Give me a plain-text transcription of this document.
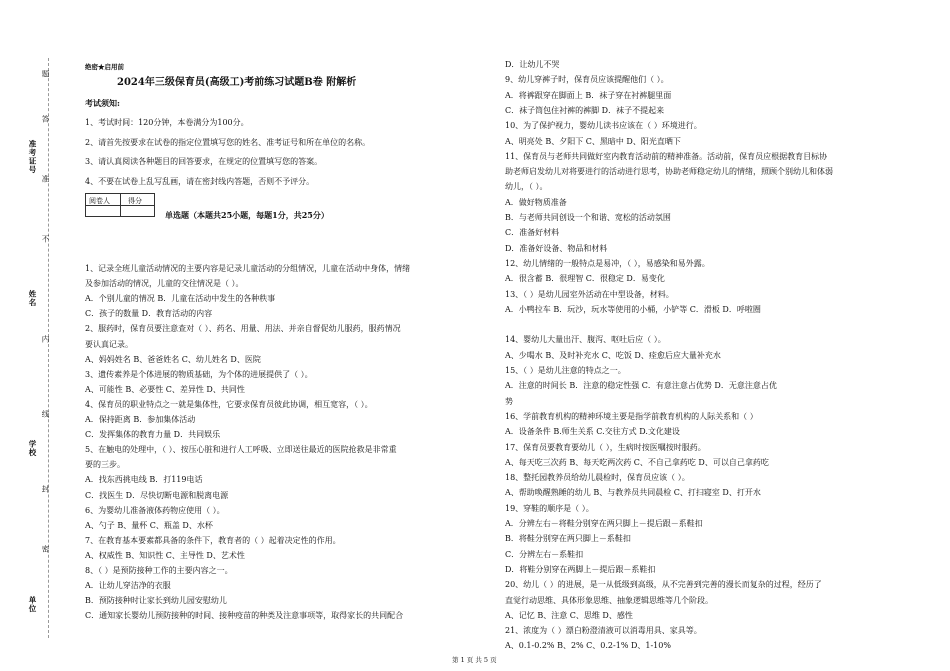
准考证号
姓名
学校
单位
题
答
准
不
内
线
封
密
绝密★启用前
2024年三级保育员(高级工)考前练习试题B卷 附解析
考试须知:
1、考试时间：120分钟，本卷满分为100分。
2、请首先按要求在试卷的指定位置填写您的姓名、准考证号和所在单位的名称。
3、请认真阅读各种题目的回答要求，在规定的位置填写您的答案。
4、不要在试卷上乱写乱画，请在密封线内答题，否则不予评分。
阅卷人	得分
单选题（本题共25小题，每题1分，共25分）
1、记录全班儿童活动情况的主要内容是记录儿童活动的分组情况，儿童在活动中身体，情绪
及参加活动的情况，儿童的交往情况是（ ）。
A．个别儿童的情况 B．儿童在活动中发生的各种秩事
C．孩子的数量 D．教育活动的内容
2、服药时，保育员要注意查对（ ）、药名、用量、用法、并亲自督促幼儿服药，服药情况
要认真记录。
A、妈妈姓名 B、爸爸姓名 C、幼儿姓名 D、医院
3、遗传素养是个体进展的物质基础，为个体的进展提供了（ ）。
A、可能性 B、必要性 C、差异性 D、共同性
4、保育员的职业特点之一就是集体性，它要求保育员彼此协调，相互宽容，（ ）。
A．保持距离 B．参加集体活动
C．发挥集体的教育力量 D．共同娱乐
5、在触电的处理中，（ ）、按压心脏和进行人工呼吸、立即送往最近的医院抢救是非常重
要的三步。
A．找东西挑电线 B．打119电话
C．找医生 D．尽快切断电源和脱离电源
6、为婴幼儿准备液体药物应使用（ ）。
A、勺子 B、量杯 C、瓶盖 D、水杯
7、在教育基本要素都具备的条件下，教育者的（ ）起着决定性的作用。
A、权威性 B、知识性 C、主导性 D、艺术性
8、（ ）是预防接种工作的主要内容之一。
A．让幼儿穿洁净的衣服
B．预防接种时让家长到幼儿园安慰幼儿
C．通知家长婴幼儿预防接种的时间、接种疫苗的种类及注意事项等，取得家长的共同配合
D．让幼儿不哭
9、幼儿穿裤子时，保育员应该提醒他们（ ）。
A．将裤跟穿在脚面上 B．袜子穿在衬裤腿里面
C．袜子筒包住衬裤的裤脚 D．袜子不提起来
10、为了保护视力，婴幼儿读书应该在（ ）环境进行。
A、明亮处 B、夕阳下 C、黑暗中 D、阳光直晒下
11、保育员与老师共同做好室内教育活动前的精神准备。活动前，保育员应根据教育目标协
助老师启发幼儿对将要进行的活动进行思考，协助老师稳定幼儿的情绪，照顾个别幼儿和体弱
幼儿，（ ）。
A．做好物质准备
B．与老师共同创设一个和谐、宽松的活动氛围
C．准备好材料
D．准备好设备、物品和材料
12、幼儿情绪的一般特点是易冲，（ ），易感染和易外露。
A．很含蓄 B．很理智 C．很稳定 D．易变化
13、（ ）是幼儿园室外活动在中型设备，材料。
A．小鸭拉车 B．玩沙，玩水等使用的小桶，小铲等 C．滑板 D．呼啦圈
14、婴幼儿大量出汗、腹泻、呕吐后应（ ）。
A、少喝水 B、及时补充水 C、吃饭 D、痊愈后应大量补充水
15、（ ）是幼儿注意的特点之一。
A．注意的时间长 B．注意的稳定性强 C．有意注意占优势 D．无意注意占优
势
16、学前教育机构的精神环境主要是指学前教育机构的人际关系和（ ）
A．设备条件 B.师生关系 C.交往方式 D.文化建设
17、保育员要教育要幼儿（ ），生病时按医嘱按时服药。
A、每天吃三次药 B、每天吃两次药 C、不自己拿药吃 D、可以自己拿药吃
18、整托园教养员给幼儿晨检时，保育员应该（ ）。
A、帮助唤醒熟睡的幼儿 B、与教养员共同晨检 C、打扫寝室 D、打开水
19、穿鞋的顺序是（ ）。
A．分辨左右－将鞋分别穿在两只脚上－提后跟－系鞋扣
B．将鞋分别穿在两只脚上－系鞋扣
C．分辨左右－系鞋扣
D．将鞋分别穿在两脚上－提后跟－系鞋扣
20、幼儿（ ）的进展，是一从低级到高级，从不完善到完善的漫长而复杂的过程，经历了
直觉行动思维、具体形象思维、抽象逻辑思维等几个阶段。
A、记忆 B、注意 C、思维 D、感性
21、浓度为（ ）漂白粉澄清液可以消毒用具、家具等。
A、0.1-0.2% B、2% C、0.2-1% D、1-10%
第 1 页 共 5 页
